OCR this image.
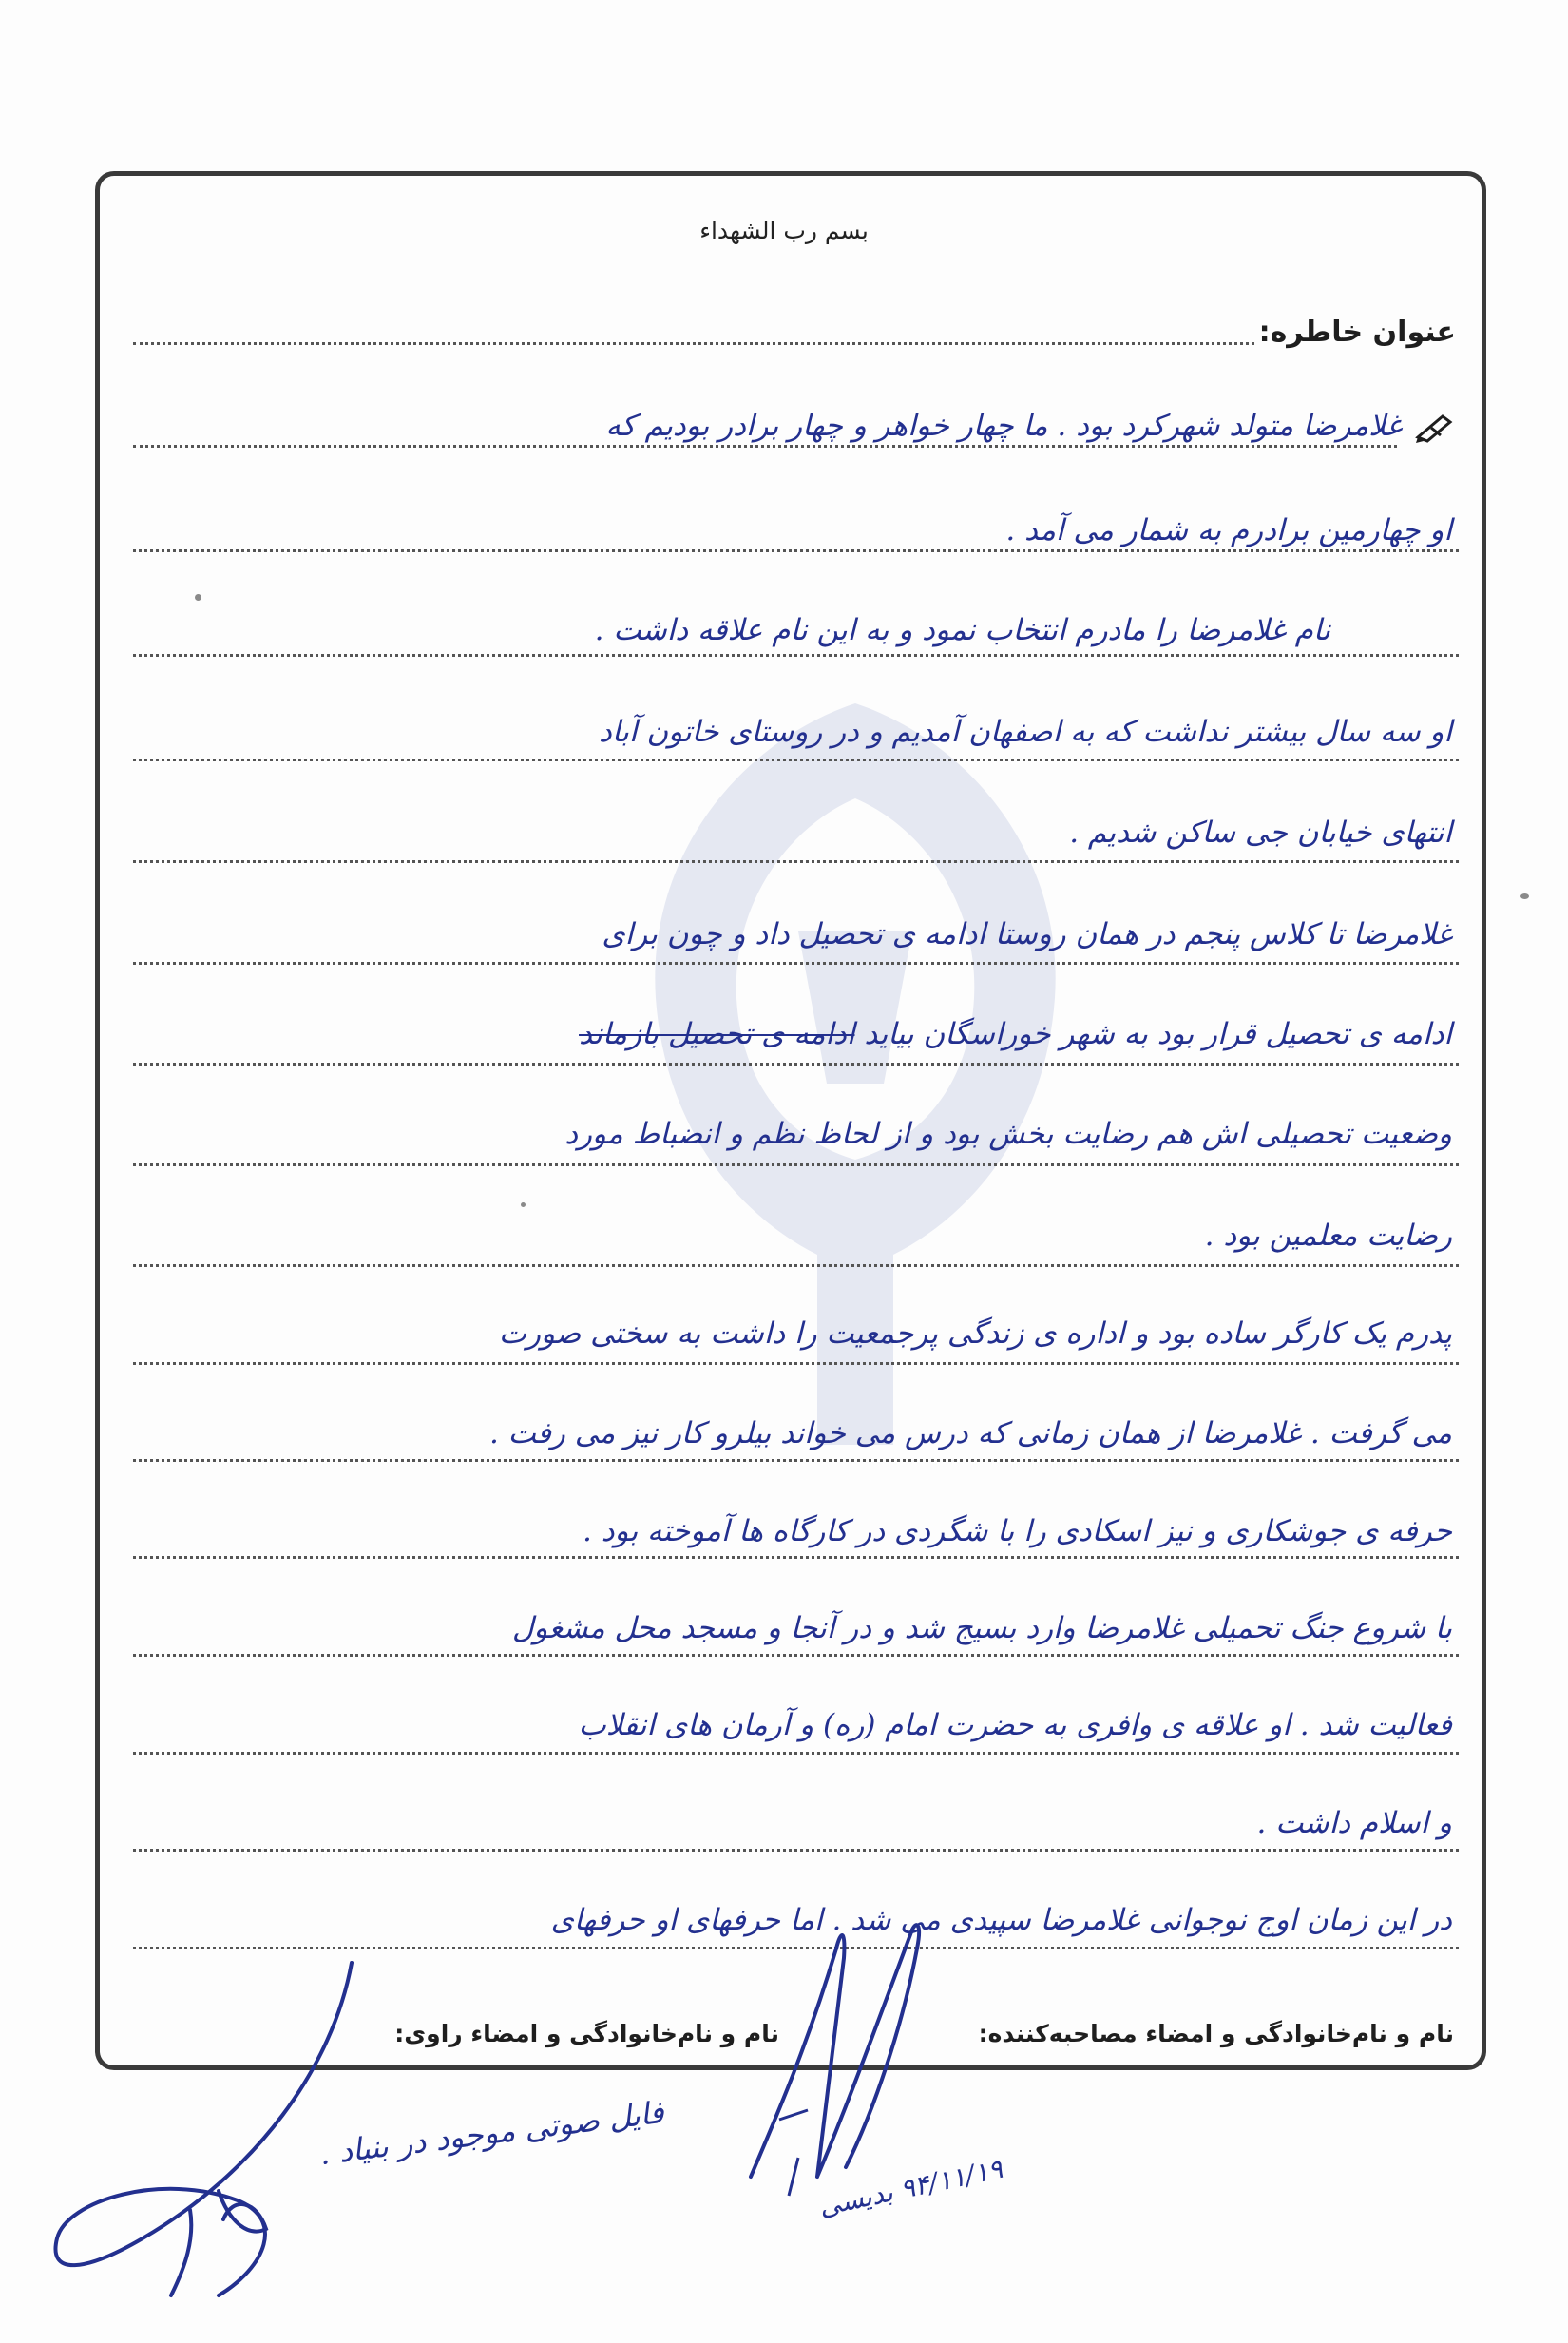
بسم رب الشهداء
عنوان خاطره:
غلامرضا متولد شهرکرد بود . ما چهار خواهر و چهار برادر بودیم که
او چهارمین برادرم به شمار می آمد .
نام غلامرضا را مادرم انتخاب نمود و به این نام علاقه داشت .
او سه سال بیشتر نداشت که به اصفهان آمدیم و در روستای خاتون آباد
انتهای خیابان جی ساکن شدیم .
غلامرضا تا کلاس پنجم در همان روستا ادامه ی تحصیل داد و چون برای
ادامه ی تحصیل قرار بود به شهر خوراسگان بیاید ادامه ی تحصیل بازماند
وضعیت تحصیلی اش هم رضایت بخش بود و از لحاظ نظم و انضباط مورد
رضایت معلمین بود .
پدرم یک کارگر ساده بود و اداره ی زندگی پرجمعیت را داشت به سختی صورت
می گرفت . غلامرضا از همان زمانی که درس می خواند بیلرو کار نیز می رفت .
حرفه ی جوشکاری و نیز اسکادی را با شگردی در کارگاه ها آموخته بود .
با شروع جنگ تحمیلی غلامرضا وارد بسیج شد و در آنجا و مسجد محل مشغول
فعالیت شد . او علاقه ی وافری به حضرت امام (ره) و آرمان های انقلاب
و اسلام داشت .
در این زمان اوج نوجوانی غلامرضا سپیدی می شد . اما حرفهای او حرفهای
نام و نام‌خانوادگی و امضاء مصاحبه‌کننده:
نام و نام‌خانوادگی و امضاء راوی:
فایل صوتی موجود در بنیاد .
۹۴/۱۱/۱۹ بدیسی
